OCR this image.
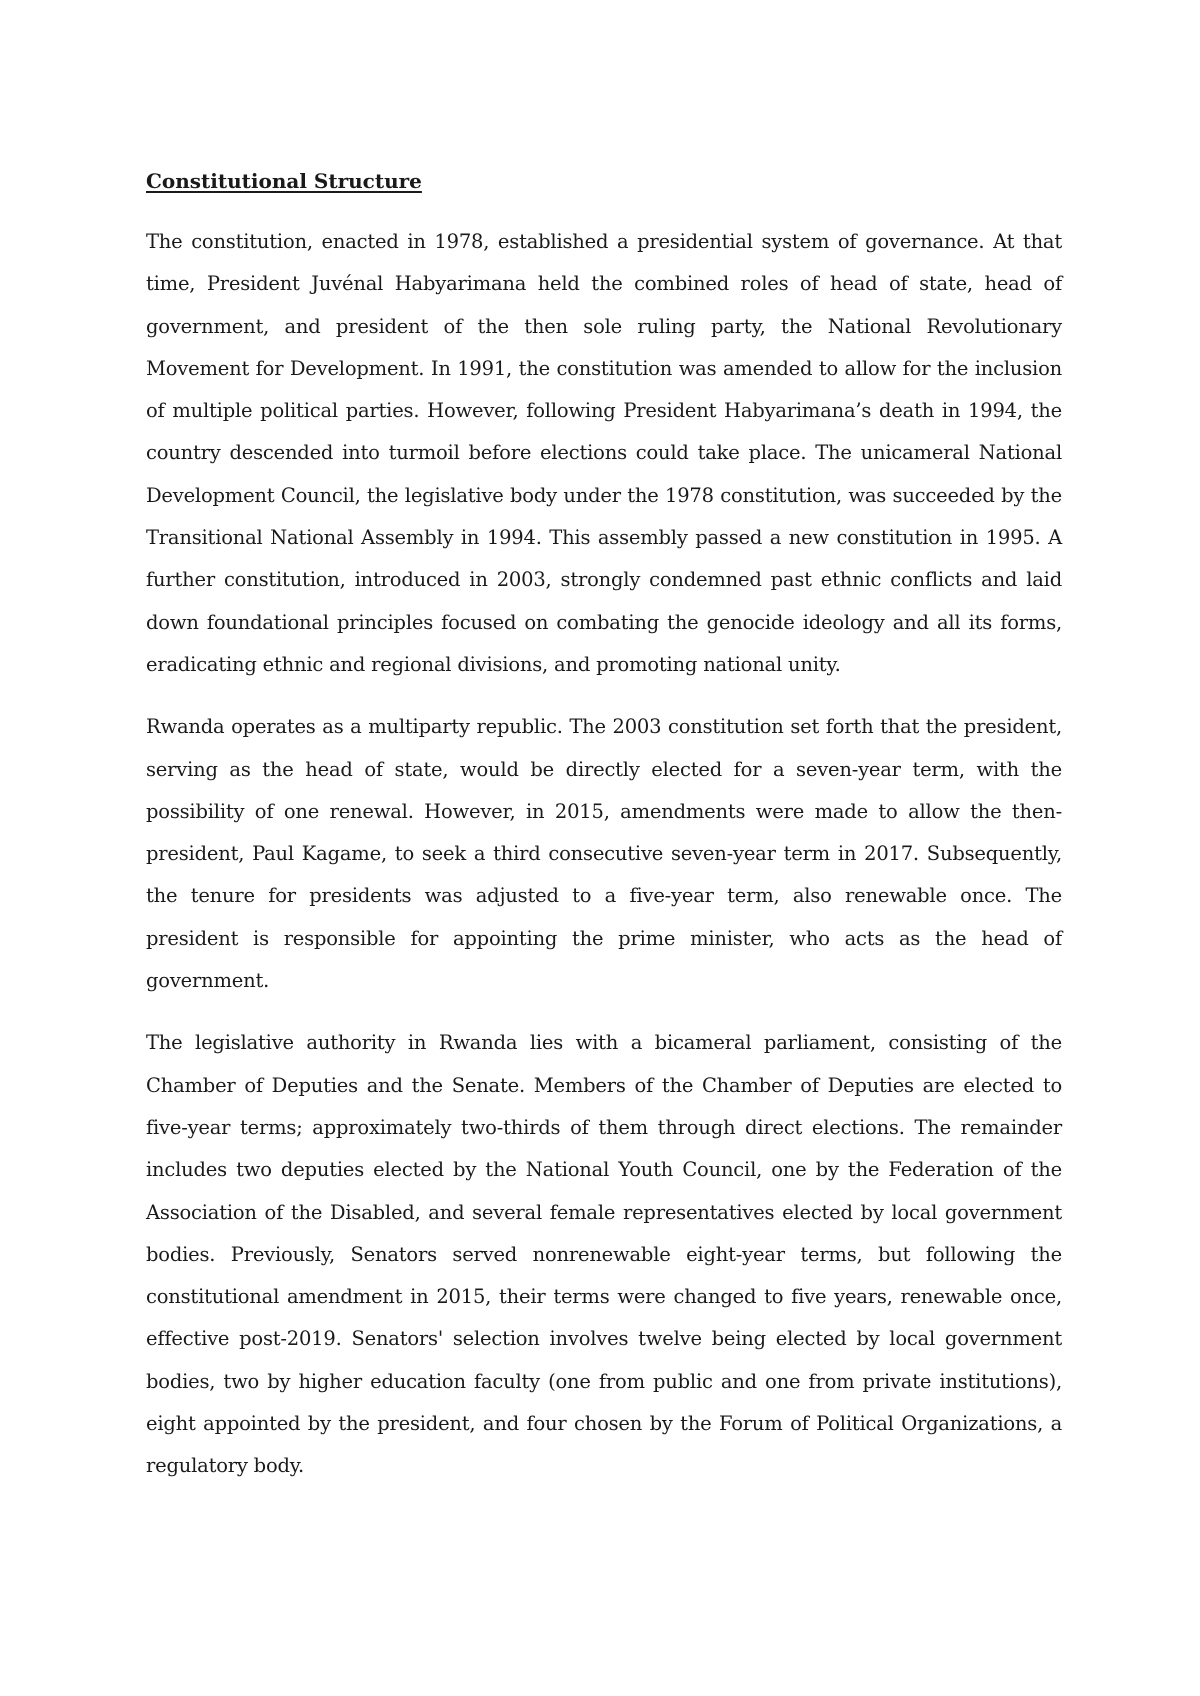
Constitutional Structure

The constitution, enacted in 1978, established a presidential system of governance. At that time, President Juvénal Habyarimana held the combined roles of head of state, head of government, and president of the then sole ruling party, the National Revolutionary Movement for Development. In 1991, the constitution was amended to allow for the inclusion of multiple political parties. However, following President Habyarimana’s death in 1994, the country descended into turmoil before elections could take place. The unicameral National Development Council, the legislative body under the 1978 constitution, was succeeded by the Transitional National Assembly in 1994. This assembly passed a new constitution in 1995. A further constitution, introduced in 2003, strongly condemned past ethnic conflicts and laid down foundational principles focused on combating the genocide ideology and all its forms, eradicating ethnic and regional divisions, and promoting national unity.

Rwanda operates as a multiparty republic. The 2003 constitution set forth that the president, serving as the head of state, would be directly elected for a seven-year term, with the possibility of one renewal. However, in 2015, amendments were made to allow the then-president, Paul Kagame, to seek a third consecutive seven-year term in 2017. Subsequently, the tenure for presidents was adjusted to a five-year term, also renewable once. The president is responsible for appointing the prime minister, who acts as the head of government.

The legislative authority in Rwanda lies with a bicameral parliament, consisting of the Chamber of Deputies and the Senate. Members of the Chamber of Deputies are elected to five-year terms; approximately two-thirds of them through direct elections. The remainder includes two deputies elected by the National Youth Council, one by the Federation of the Association of the Disabled, and several female representatives elected by local government bodies. Previously, Senators served nonrenewable eight-year terms, but following the constitutional amendment in 2015, their terms were changed to five years, renewable once, effective post-2019. Senators' selection involves twelve being elected by local government bodies, two by higher education faculty (one from public and one from private institutions), eight appointed by the president, and four chosen by the Forum of Political Organizations, a regulatory body.
